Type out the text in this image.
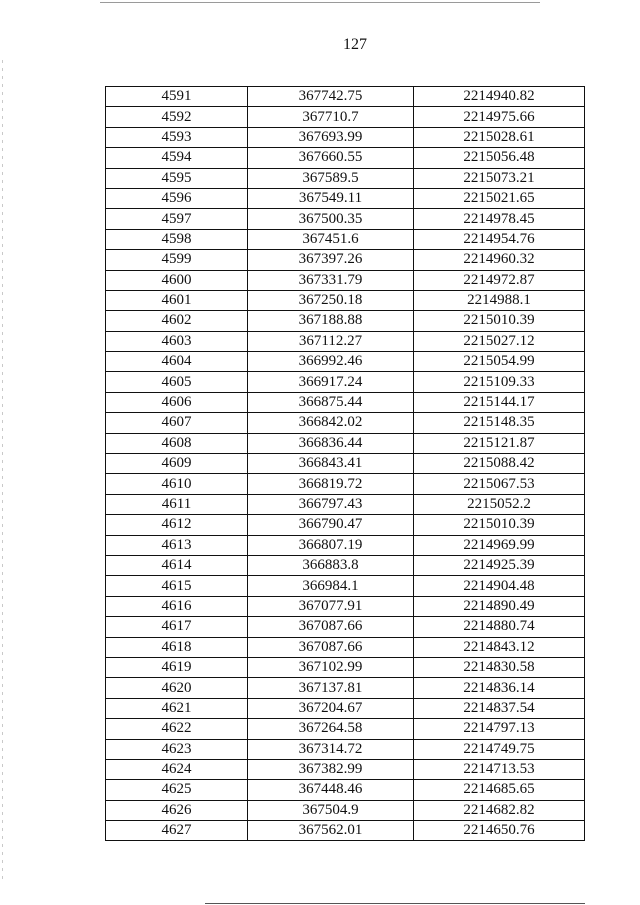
127
4591	367742.75	2214940.82
4592	367710.7	2214975.66
4593	367693.99	2215028.61
4594	367660.55	2215056.48
4595	367589.5	2215073.21
4596	367549.11	2215021.65
4597	367500.35	2214978.45
4598	367451.6	2214954.76
4599	367397.26	2214960.32
4600	367331.79	2214972.87
4601	367250.18	2214988.1
4602	367188.88	2215010.39
4603	367112.27	2215027.12
4604	366992.46	2215054.99
4605	366917.24	2215109.33
4606	366875.44	2215144.17
4607	366842.02	2215148.35
4608	366836.44	2215121.87
4609	366843.41	2215088.42
4610	366819.72	2215067.53
4611	366797.43	2215052.2
4612	366790.47	2215010.39
4613	366807.19	2214969.99
4614	366883.8	2214925.39
4615	366984.1	2214904.48
4616	367077.91	2214890.49
4617	367087.66	2214880.74
4618	367087.66	2214843.12
4619	367102.99	2214830.58
4620	367137.81	2214836.14
4621	367204.67	2214837.54
4622	367264.58	2214797.13
4623	367314.72	2214749.75
4624	367382.99	2214713.53
4625	367448.46	2214685.65
4626	367504.9	2214682.82
4627	367562.01	2214650.76
